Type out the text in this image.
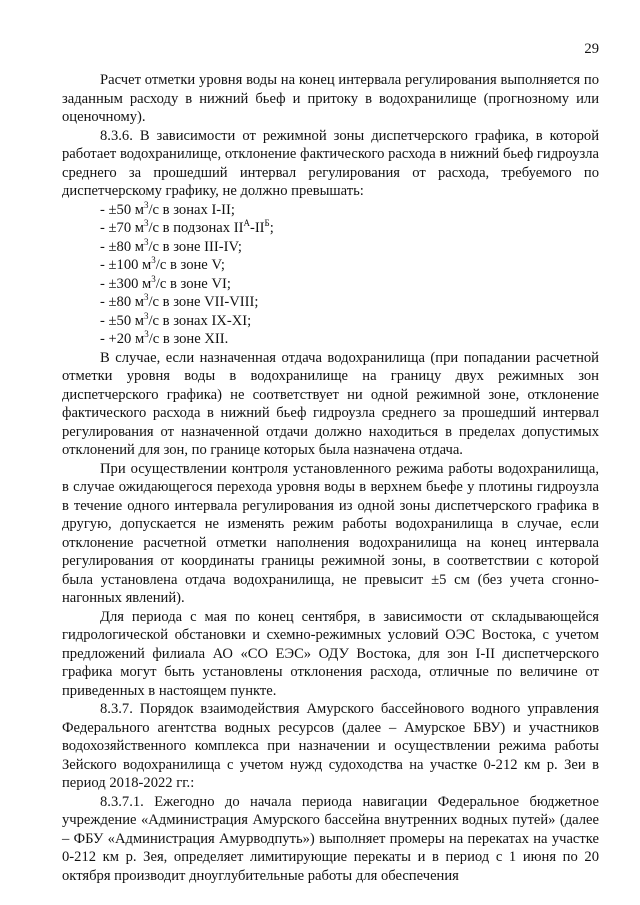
29

Расчет отметки уровня воды на конец интервала регулирования выполняется по заданным расходу в нижний бьеф и притоку в водохранилище (прогнозному или оценочному).

8.3.6. В зависимости от режимной зоны диспетчерского графика, в которой работает водохранилище, отклонение фактического расхода в нижний бьеф гидроузла среднего за прошедший интервал регулирования от расхода, требуемого по диспетчерскому графику, не должно превышать:

- ±50 $м^3/с$ в зонах I-II;
- ±70 $м^3/с$ в подзонах $II^А-II^Б$;
- ±80 $м^3/с$ в зоне III-IV;
- ±100 $м^3/с$ в зоне V;
- ±300 $м^3/с$ в зоне VI;
- ±80 $м^3/с$ в зоне VII-VIII;
- ±50 $м^3/с$ в зонах IX-XI;
- +20 $м^3/с$ в зоне XII.

В случае, если назначенная отдача водохранилища (при попадании расчетной отметки уровня воды в водохранилище на границу двух режимных зон диспетчерского графика) не соответствует ни одной режимной зоне, отклонение фактического расхода в нижний бьеф гидроузла среднего за прошедший интервал регулирования от назначенной отдачи должно находиться в пределах допустимых отклонений для зон, по границе которых была назначена отдача.

При осуществлении контроля установленного режима работы водохранилища, в случае ожидающегося перехода уровня воды в верхнем бьефе у плотины гидроузла в течение одного интервала регулирования из одной зоны диспетчерского графика в другую, допускается не изменять режим работы водохранилища в случае, если отклонение расчетной отметки наполнения водохранилища на конец интервала регулирования от координаты границы режимной зоны, в соответствии с которой была установлена отдача водохранилища, не превысит ±5 см (без учета сгонно-нагонных явлений).

Для периода с мая по конец сентября, в зависимости от складывающейся гидрологической обстановки и схемно-режимных условий ОЭС Востока, с учетом предложений филиала АО «СО ЕЭС» ОДУ Востока, для зон I-II диспетчерского графика могут быть установлены отклонения расхода, отличные по величине от приведенных в настоящем пункте.

8.3.7. Порядок взаимодействия Амурского бассейнового водного управления Федерального агентства водных ресурсов (далее – Амурское БВУ) и участников водохозяйственного комплекса при назначении и осуществлении режима работы Зейского водохранилища с учетом нужд судоходства на участке 0-212 км р. Зеи в период 2018-2022 гг.:

8.3.7.1. Ежегодно до начала периода навигации Федеральное бюджетное учреждение «Администрация Амурского бассейна внутренних водных путей» (далее – ФБУ «Администрация Амурводпуть») выполняет промеры на перекатах на участке 0-212 км р. Зея, определяет лимитирующие перекаты и в период с 1 июня по 20 октября производит дноуглубительные работы для обеспечения
